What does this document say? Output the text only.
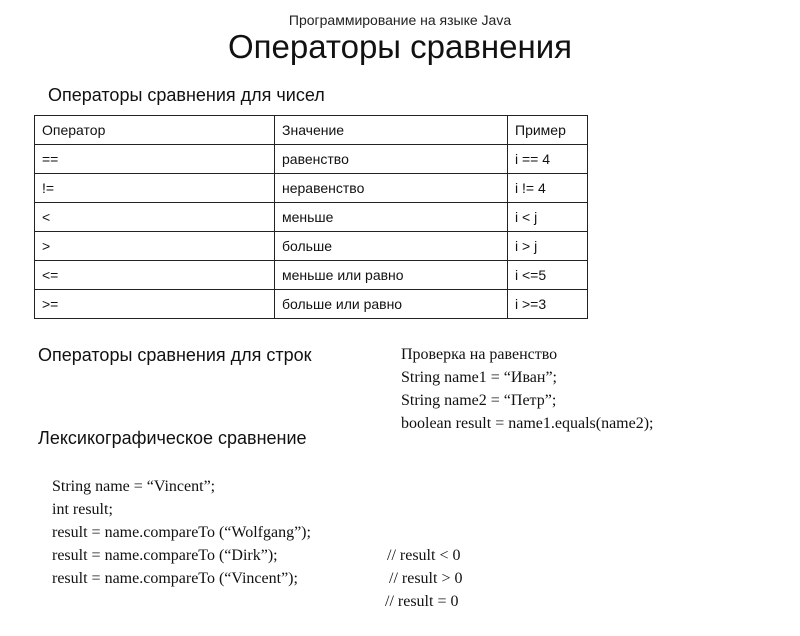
Программирование на языке Java
Операторы сравнения
Операторы сравнения для чисел
Оператор	Значение	Пример
==	равенство	i == 4
!=	неравенство	i != 4
<	меньше	i < j
>	больше	i > j
<=	меньше или равно	i <=5
>=	больше или равно	i >=3
Операторы сравнения для строк	Проверка на равенство
String name1 = “Иван”;
String name2 = “Петр”;
boolean result = name1.equals(name2);
Лексикографическое сравнение

String name = “Vincent”;

int result;

result = name.compareTo (“Wolfgang”);

// result < 0

result = name.compareTo (“Dirk”);

// result > 0

result = name.compareTo (“Vincent”);

// result = 0
